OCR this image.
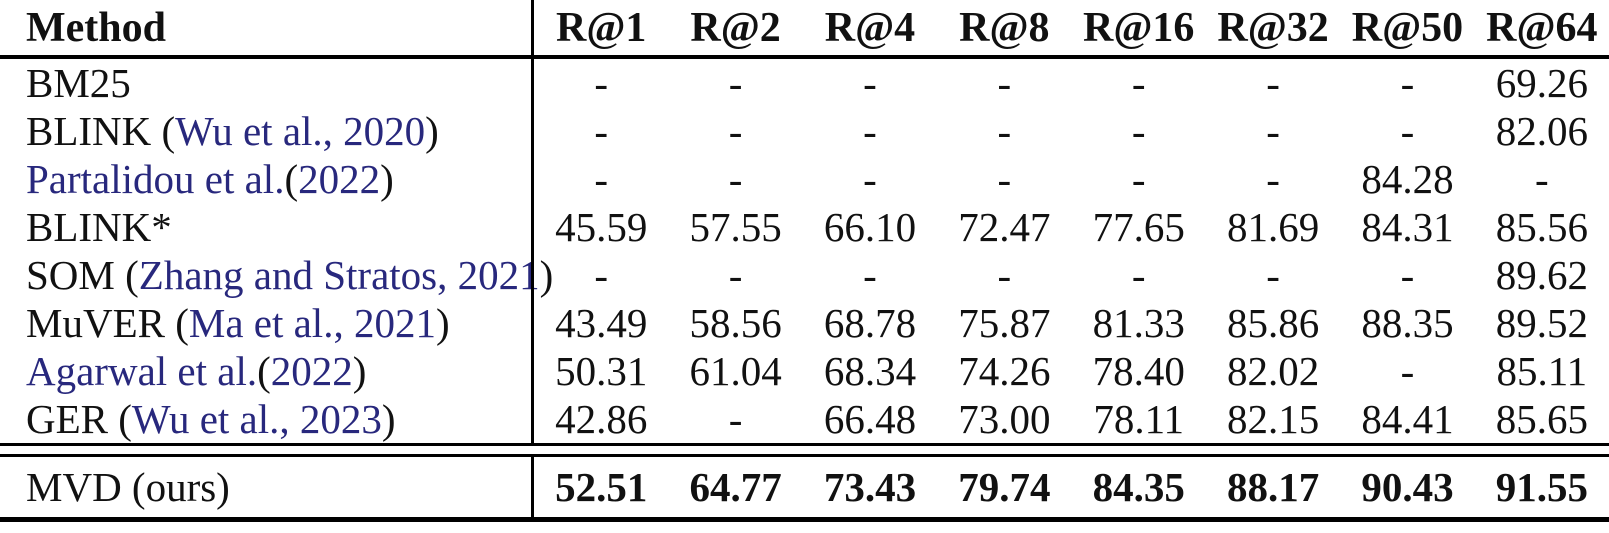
Method	R@1	R@2	R@4	R@8 R@16 R@32 R@50 R@64
BM25	-	-	-	-	-	-	-	69.26
BLINK ( Wu et al., 2020 )	-	-	-	-	-	-	-	82.06
Partalidou et al. ( 2022 )	-	-	-	-	-	-	84.28	-
BLINK*	45.59	57.55	66.10	72.47	77.65	81.69	84.31	85.56
SOM ( Zhang and Stratos, 2021 )	-	-	-	-	-	-	-	89.62
MuVER ( Ma et al., 2021 )	43.49	58.56	68.78	75.87	81.33	85.86	88.35	89.52
Agarwal et al. ( 2022 )	50.31	61.04	68.34	74.26	78.40	82.02	-	85.11
GER ( Wu et al., 2023 )	42.86	-	66.48	73.00	78.11	82.15	84.41	85.65
MVD (ours)	52.51	64.77	73.43	79.74	84.35	88.17	90.43	91.55
